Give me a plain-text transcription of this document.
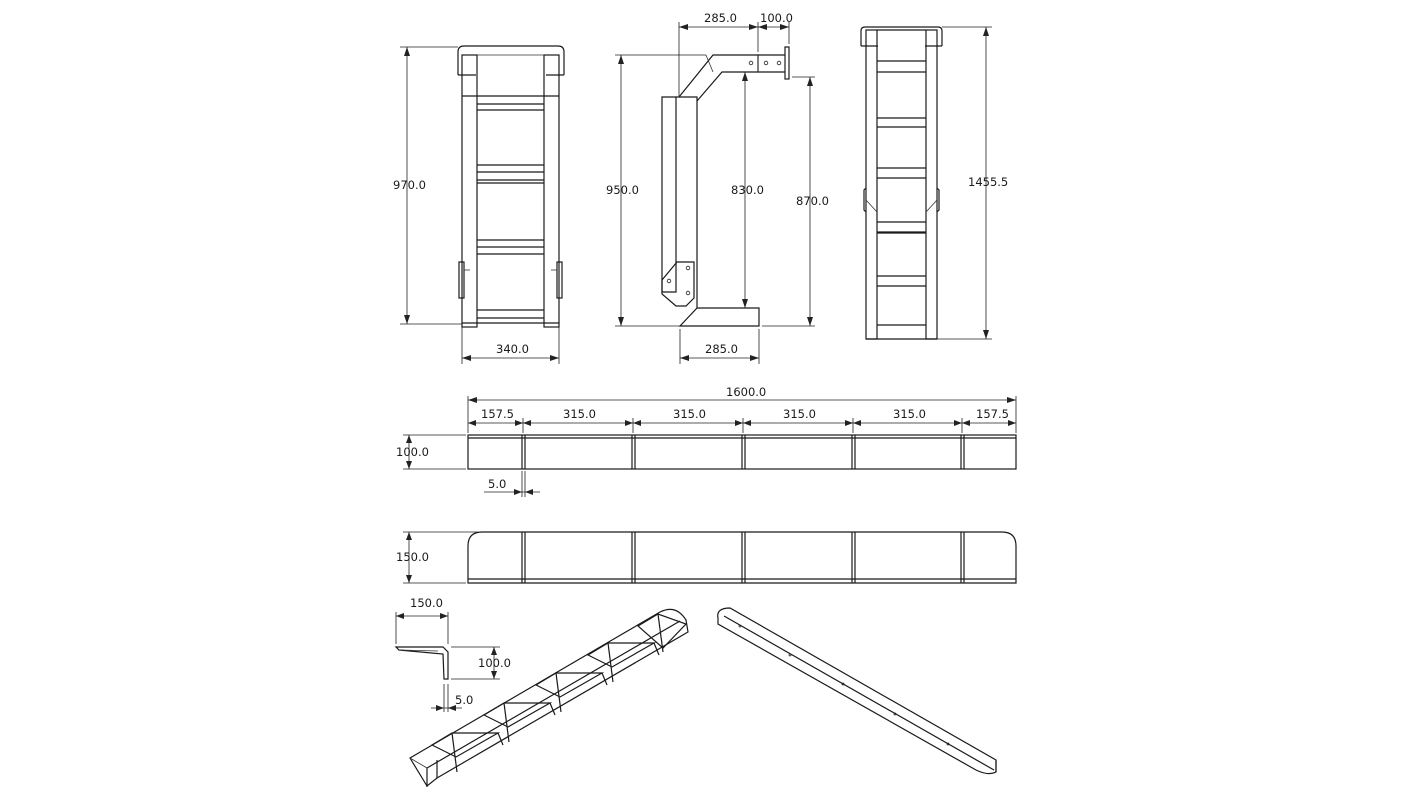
970.0
340.0
285.0 100.0
950.0	830.0
870.0
285.0
1455.5
1600.0
157.5	315.0	315.0	315.0	315.0	157.5
100.0
5.0
150.0
150.0
100.0
5.0
